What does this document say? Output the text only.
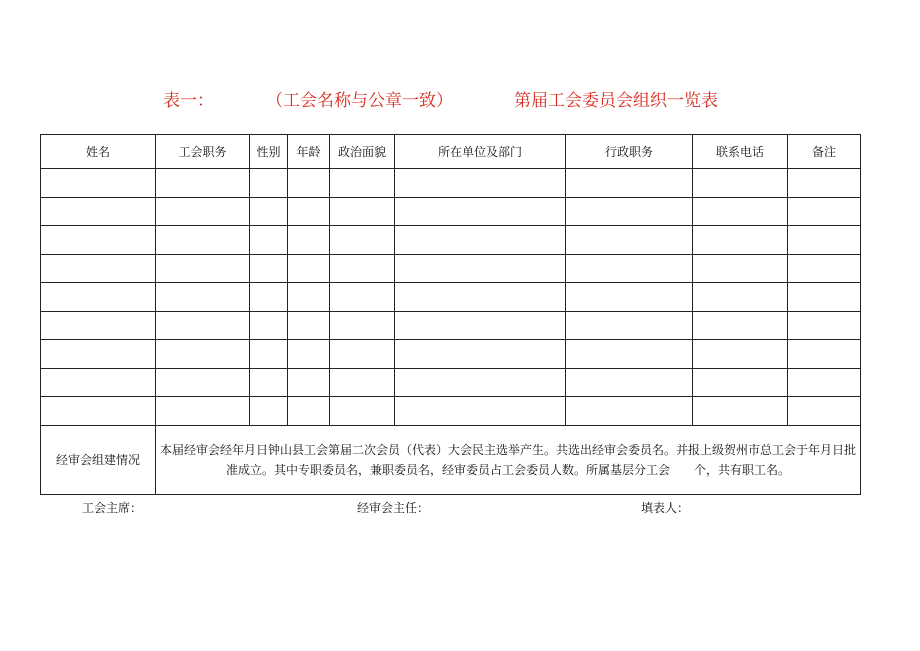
表一：	（工会名称与公章一致）	第届工会委员会组织一览表
姓名	工会职务	性别	年龄	政治面貌	所在单位及部门	行政职务	联系电话	备注

经审会组建情况	本届经审会经年月日钟山县工会第届二次会员（代表）大会民主选举产生。共选出经审会委员名。并报上级贺州市总工会于年月日批准成立。其中专职委员名，兼职委员名，经审委员占工会委员人数。所属基层分工会　　个，共有职工名。							
工会主席：	经审会主任：	填表人：
